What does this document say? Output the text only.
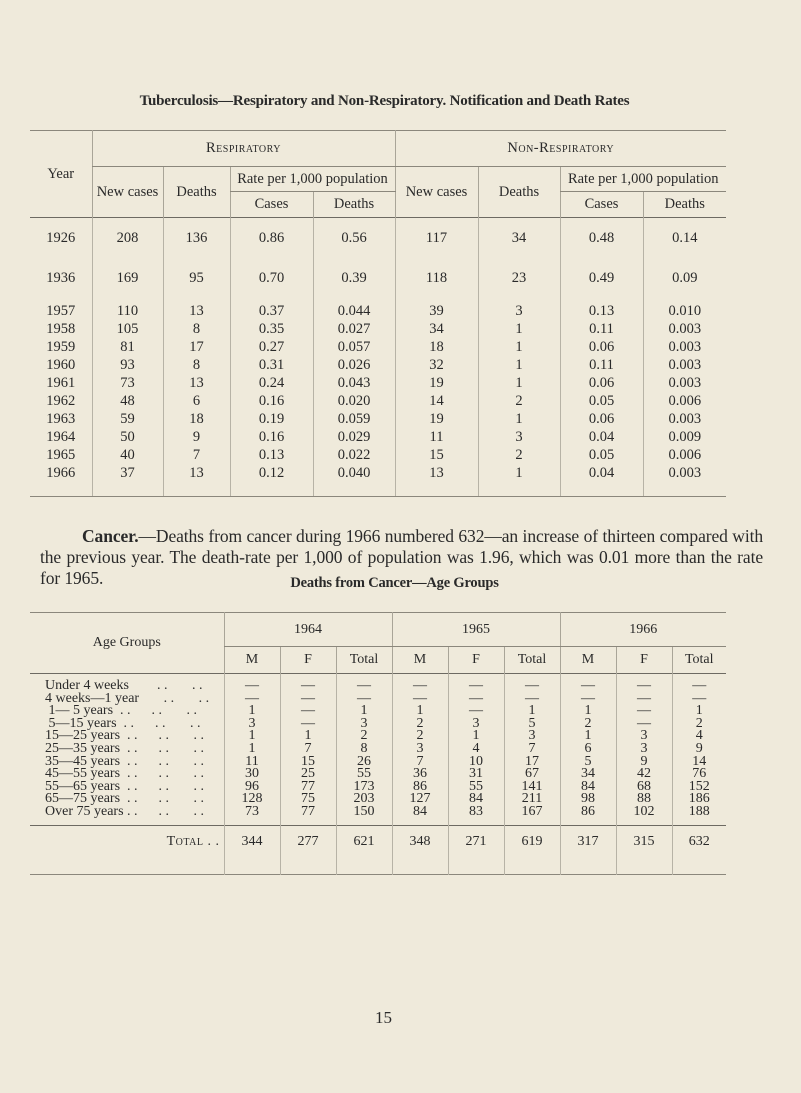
Tuberculosis—Respiratory and Non-Respiratory. Notification and Death Rates
Year	Respiratory				Non-Respiratory			
	New cases	Deaths	Rate per 1,000 population		New cases	Deaths	Rate per 1,000 population	
			Cases	Deaths			Cases	Deaths
1926	208	136	0.86	0.56	117	34	0.48	0.14
1936	169	95	0.70	0.39	118	23	0.49	0.09
1957	110	13	0.37	0.044	39	3	0.13	0.010
1958	105	8	0.35	0.027	34	1	0.11	0.003
1959	81	17	0.27	0.057	18	1	0.06	0.003
1960	93	8	0.31	0.026	32	1	0.11	0.003
1961	73	13	0.24	0.043	19	1	0.06	0.003
1962	48	6	0.16	0.020	14	2	0.05	0.006
1963	59	18	0.19	0.059	19	1	0.06	0.003
1964	50	9	0.16	0.029	11	3	0.04	0.009
1965	40	7	0.13	0.022	15	2	0.05	0.006
1966	37	13	0.12	0.040	13	1	0.04	0.003

Cancer.—Deaths from cancer during 1966 numbered 632—an increase of thirteen compared with the previous year. The death-rate per 1,000 of population was 1.96, which was 0.01 more than the rate for 1965.	Deaths from Cancer—Age Groups
Age Groups	1964			1965			1966		
	M	F	Total	M	F	Total	M	F	Total
Under 4 weeks        . .       . .	—	—	—	—	—	—	—	—	—
4 weeks—1 year       . .       . .	—	—	—	—	—	—	—	—	—
1— 5 years  . .      . .       . .	1	—	1	1	—	1	1	—	1
5—15 years  . .      . .       . .	3	—	3	2	3	5	2	—	2
15—25 years  . .      . .       . .	1	1	2	2	1	3	1	3	4
25—35 years  . .      . .       . .	1	7	8	3	4	7	6	3	9
35—45 years  . .      . .       . .	11	15	26	7	10	17	5	9	14
45—55 years  . .      . .       . .	30	25	55	36	31	67	34	42	76
55—65 years  . .      . .       . .	96	77	173	86	55	141	84	68	152
65—75 years  . .      . .       . .	128	75	203	127	84	211	98	88	186
Over 75 years . .      . .       . .	73	77	150	84	83	167	86	102	188
Total . .	344	277	621	348	271	619	317	315	632
15
